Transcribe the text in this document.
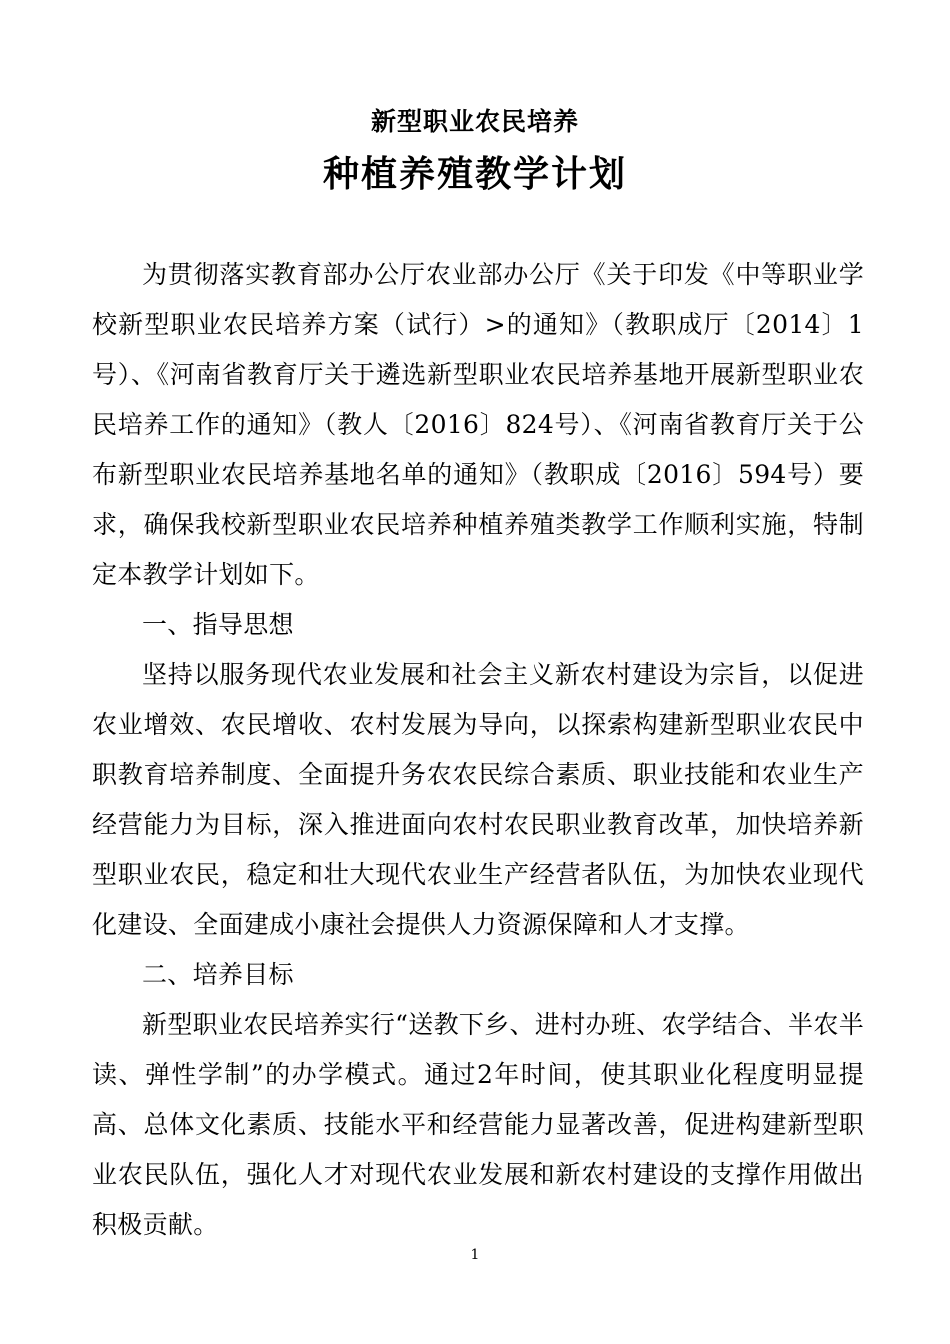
新型职业农民培养
种植养殖教学计划

为贯彻落实教育部办公厅农业部办公厅《关于印发《中等职业学校新型职业农民培养方案（试行）>的通知》（教职成厅〔2014〕1号）、《河南省教育厅关于遴选新型职业农民培养基地开展新型职业农民培养工作的通知》（教人〔2016〕824号）、《河南省教育厅关于公布新型职业农民培养基地名单的通知》（教职成〔2016〕594号）要求，确保我校新型职业农民培养种植养殖类教学工作顺利实施，特制定本教学计划如下。

一、指导思想

坚持以服务现代农业发展和社会主义新农村建设为宗旨，以促进农业增效、农民增收、农村发展为导向，以探索构建新型职业农民中职教育培养制度、全面提升务农农民综合素质、职业技能和农业生产经营能力为目标，深入推进面向农村农民职业教育改革，加快培养新型职业农民，稳定和壮大现代农业生产经营者队伍，为加快农业现代化建设、全面建成小康社会提供人力资源保障和人才支撑。

二、培养目标

新型职业农民培养实行“送教下乡、进村办班、农学结合、半农半读、弹性学制”的办学模式。通过2年时间，使其职业化程度明显提高、总体文化素质、技能水平和经营能力显著改善，促进构建新型职业农民队伍，强化人才对现代农业发展和新农村建设的支撑作用做出积极贡献。

1
